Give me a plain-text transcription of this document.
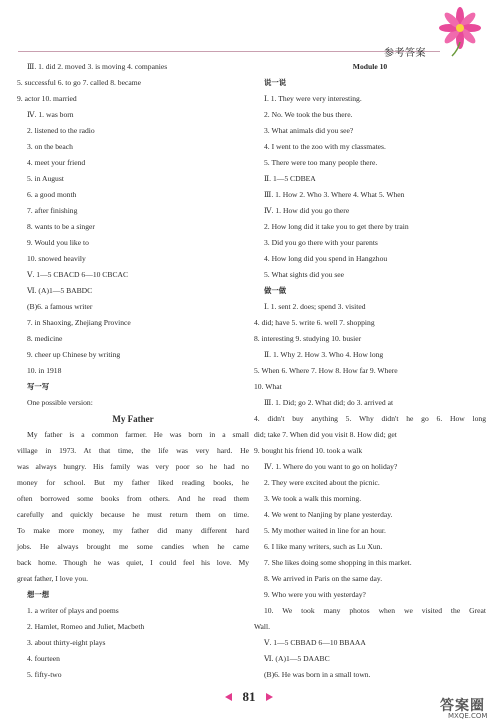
参考答案
Ⅲ. 1. did 2. moved 3. is moving 4. companies
5. successful 6. to go 7. called 8. became
9. actor 10. married
Ⅳ. 1. was born
2. listened to the radio
3. on the beach
4. meet your friend
5. in August
6. a good month
7. after finishing
8. wants to be a singer
9. Would you like to
10. snowed heavily
Ⅴ. 1—5 CBACD 6—10 CBCAC
Ⅵ. (A)1—5 BABDC
(B)6. a famous writer
7. in Shaoxing, Zhejiang Province
8. medicine
9. cheer up Chinese by writing
10. in 1918
写一写
One possible version:
My Father
My father is a common farmer. He was born in a small
village in 1973. At that time, the life was very hard. He
was always hungry. His family was very poor so he had no
money for school. But my father liked reading books, he
often borrowed some books from others. And he read them
carefully and quickly because he must return them on time.
To make more money, my father did many different hard
jobs. He always brought me some candies when he came
back home. Though he was quiet, I could feel his love. My
great father, I love you.
想一想
1. a writer of plays and poems
2. Hamlet, Romeo and Juliet, Macbeth
3. about thirty-eight plays
4. fourteen
5. fifty-two
Module 10
说一说
Ⅰ. 1. They were very interesting.
2. No. We took the bus there.
3. What animals did you see?
4. I went to the zoo with my classmates.
5. There were too many people there.
Ⅱ. 1—5 CDBEA
Ⅲ. 1. How 2. Who 3. Where 4. What 5. When
Ⅳ. 1. How did you go there
2. How long did it take you to get there by train
3. Did you go there with your parents
4. How long did you spend in Hangzhou
5. What sights did you see
做一做
Ⅰ. 1. sent 2. does; spend 3. visited
4. did; have 5. write 6. well 7. shopping
8. interesting 9. studying 10. busier
Ⅱ. 1. Why 2. How 3. Who 4. How long
5. When 6. Where 7. How 8. How far 9. Where
10. What
Ⅲ. 1. Did; go 2. What did; do 3. arrived at
4. didn't buy anything 5. Why didn't he go 6. How long
did; take 7. When did you visit 8. How did; get
9. bought his friend 10. took a walk
Ⅳ. 1. Where do you want to go on holiday?
2. They were excited about the picnic.
3. We took a walk this morning.
4. We went to Nanjing by plane yesterday.
5. My mother waited in line for an hour.
6. I like many writers, such as Lu Xun.
7. She likes doing some shopping in this market.
8. We arrived in Paris on the same day.
9. Who were you with yesterday?
10. We took many photos when we visited the Great
Wall.
Ⅴ. 1—5 CBBAD 6—10 BBAAA
Ⅵ. (A)1—5 DAABC
(B)6. He was born in a small town.
81
答案圈
MXQE.COM
